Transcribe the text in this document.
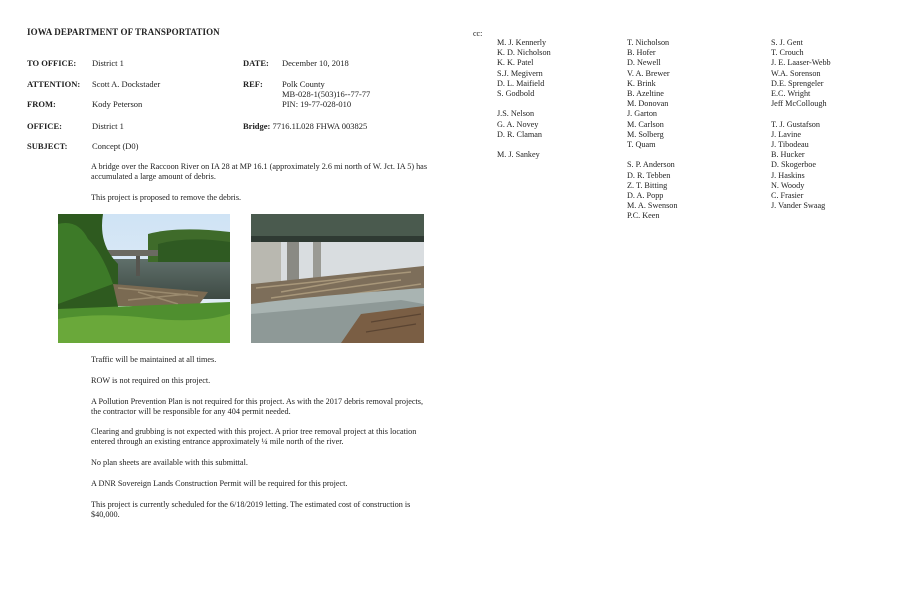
IOWA DEPARTMENT OF TRANSPORTATION
TO OFFICE: District 1	DATE: December 10, 2018
ATTENTION: Scott A. Dockstader	REF: Polk County
MB-028-1(503)16--77-77
PIN: 19-77-028-010
FROM:	Kody Peterson
OFFICE:	District 1	Bridge: 7716.1L028 FHWA 003825
SUBJECT:	Concept (D0)
A bridge over the Raccoon River on IA 28 at MP 16.1 (approximately 2.6 mi north of W. Jct. IA 5) has accumulated a large amount of debris.
This project is proposed to remove the debris.
Traffic will be maintained at all times.
ROW is not required on this project.
A Pollution Prevention Plan is not required for this project. As with the 2017 debris removal projects, the contractor will be responsible for any 404 permit needed.
Clearing and grubbing is not expected with this project. A prior tree removal project at this location entered through an existing entrance approximately ¼ mile north of the river.
No plan sheets are available with this submittal.
A DNR Sovereign Lands Construction Permit will be required for this project.
This project is currently scheduled for the 6/18/2019 letting. The estimated cost of construction is $40,000.
cc:
M. J. Kennerly
K. D. Nicholson
K. K. Patel
S.J. Megivern
D. L. Maifield
S. Godbold
J.S. Nelson
G. A. Novey
D. R. Claman
M. J. Sankey
T. Nicholson
B. Hofer
D. Newell
V. A. Brewer
K. Brink
B. Azeltine
M. Donovan
J. Garton
M. Carlson
M. Solberg
T. Quam
S. P. Anderson
D. R. Tebben
Z. T. Bitting
D. A. Popp
M. A. Swenson
P.C. Keen
S. J. Gent
T. Crouch
J. E. Laaser-Webb
W.A. Sorenson
D.E. Sprengeler
E.C. Wright
Jeff McCollough
T. J. Gustafson
J. Lavine
J. Tibodeau
B. Hucker
D. Skogerboe
J. Haskins
N. Woody
C. Frasier
J. Vander Swaag
